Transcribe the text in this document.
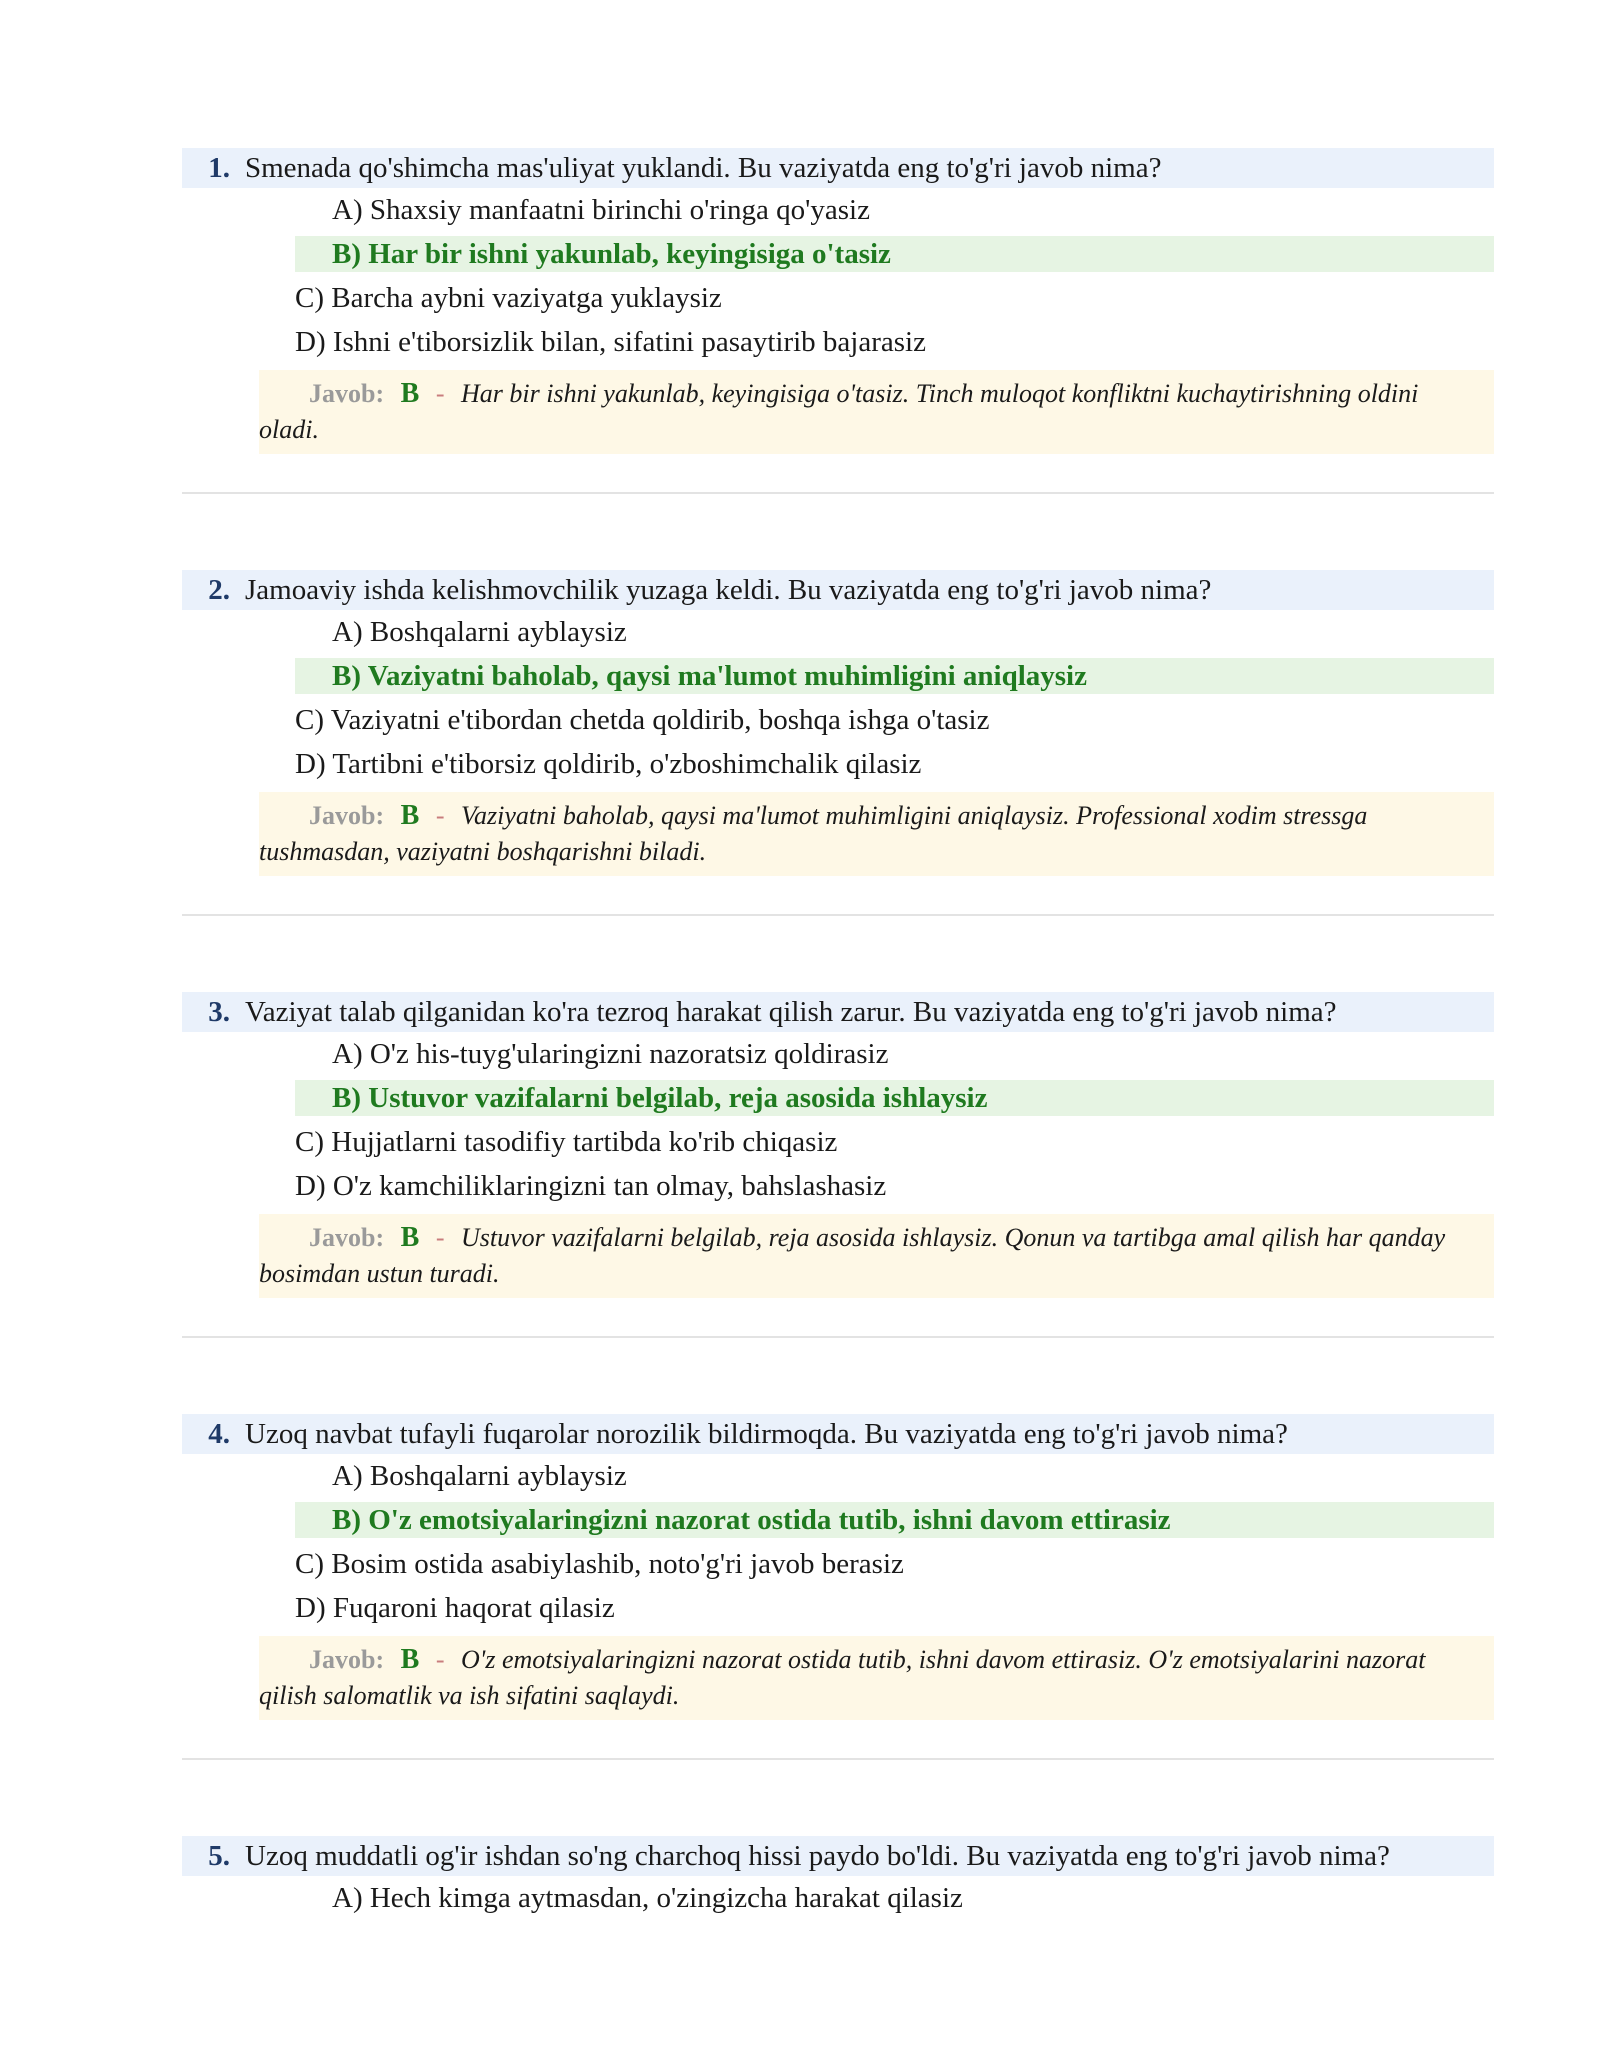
1. Smenada qo'shimcha mas'uliyat yuklandi. Bu vaziyatda eng to'g'ri javob nima?
A) Shaxsiy manfaatni birinchi o'ringa qo'yasiz
B) Har bir ishni yakunlab, keyingisiga o'tasiz
C) Barcha aybni vaziyatga yuklaysiz
D) Ishni e'tiborsizlik bilan, sifatini pasaytirib bajarasiz
Javob: B - Har bir ishni yakunlab, keyingisiga o'tasiz. Tinch muloqot konfliktni kuchaytirishning oldini oladi.
2. Jamoaviy ishda kelishmovchilik yuzaga keldi. Bu vaziyatda eng to'g'ri javob nima?
A) Boshqalarni ayblaysiz
B) Vaziyatni baholab, qaysi ma'lumot muhimligini aniqlaysiz
C) Vaziyatni e'tibordan chetda qoldirib, boshqa ishga o'tasiz
D) Tartibni e'tiborsiz qoldirib, o'zboshimchalik qilasiz
Javob: B - Vaziyatni baholab, qaysi ma'lumot muhimligini aniqlaysiz. Professional xodim stressga tushmasdan, vaziyatni boshqarishni biladi.
3. Vaziyat talab qilganidan ko'ra tezroq harakat qilish zarur. Bu vaziyatda eng to'g'ri javob nima?
A) O'z his-tuyg'ularingizni nazoratsiz qoldirasiz
B) Ustuvor vazifalarni belgilab, reja asosida ishlaysiz
C) Hujjatlarni tasodifiy tartibda ko'rib chiqasiz
D) O'z kamchiliklaringizni tan olmay, bahslashasiz
Javob: B - Ustuvor vazifalarni belgilab, reja asosida ishlaysiz. Qonun va tartibga amal qilish har qanday bosimdan ustun turadi.
4. Uzoq navbat tufayli fuqarolar norozilik bildirmoqda. Bu vaziyatda eng to'g'ri javob nima?
A) Boshqalarni ayblaysiz
B) O'z emotsiyalaringizni nazorat ostida tutib, ishni davom ettirasiz
C) Bosim ostida asabiylashib, noto'g'ri javob berasiz
D) Fuqaroni haqorat qilasiz
Javob: B - O'z emotsiyalaringizni nazorat ostida tutib, ishni davom ettirasiz. O'z emotsiyalarini nazorat qilish salomatlik va ish sifatini saqlaydi.
5. Uzoq muddatli og'ir ishdan so'ng charchoq hissi paydo bo'ldi. Bu vaziyatda eng to'g'ri javob nima?
A) Hech kimga aytmasdan, o'zingizcha harakat qilasiz
